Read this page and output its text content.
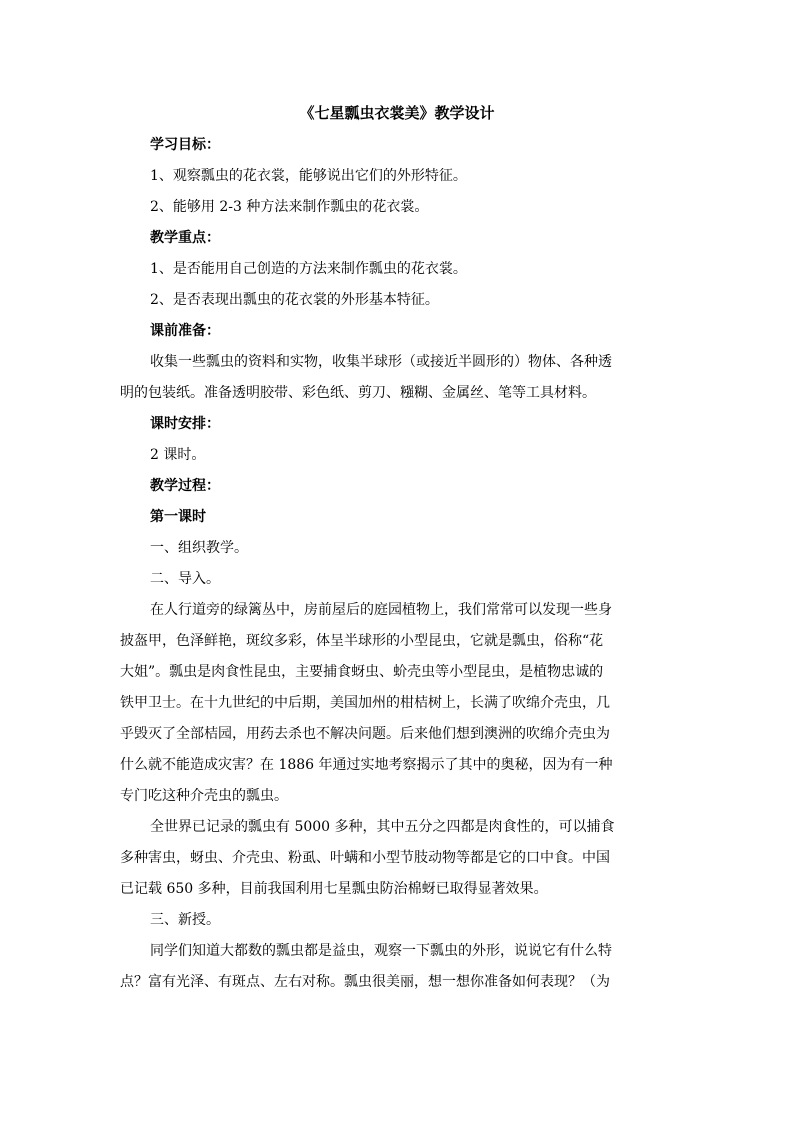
《七星瓢虫衣裳美》教学设计
学习目标：
1、观察瓢虫的花衣裳，能够说出它们的外形特征。
2、能够用 2-3 种方法来制作瓢虫的花衣裳。
教学重点：
1、是否能用自己创造的方法来制作瓢虫的花衣裳。
2、是否表现出瓢虫的花衣裳的外形基本特征。
课前准备：
收集一些瓢虫的资料和实物，收集半球形（或接近半圆形的）物体、各种透
明的包装纸。准备透明胶带、彩色纸、剪刀、糨糊、金属丝、笔等工具材料。
课时安排：
2 课时。
教学过程：
第一课时
一、组织教学。
二、导入。
在人行道旁的绿篱丛中，房前屋后的庭园植物上，我们常常可以发现一些身
披盔甲，色泽鲜艳，斑纹多彩，体呈半球形的小型昆虫，它就是瓢虫，俗称“花
大姐”。瓢虫是肉食性昆虫，主要捕食蚜虫、蚧壳虫等小型昆虫，是植物忠诚的
铁甲卫士。在十九世纪的中后期，美国加州的柑桔树上，长满了吹绵介壳虫，几
乎毁灭了全部桔园，用药去杀也不解决问题。后来他们想到澳洲的吹绵介壳虫为
什么就不能造成灾害？在 1886 年通过实地考察揭示了其中的奥秘，因为有一种
专门吃这种介壳虫的瓢虫。
全世界已记录的瓢虫有 5000 多种，其中五分之四都是肉食性的，可以捕食
多种害虫，蚜虫、介壳虫、粉虱、叶螨和小型节肢动物等都是它的口中食。中国
已记载 650 多种，目前我国利用七星瓢虫防治棉蚜已取得显著效果。
三、新授。
同学们知道大都数的瓢虫都是益虫，观察一下瓢虫的外形，说说它有什么特
点？富有光泽、有斑点、左右对称。瓢虫很美丽，想一想你准备如何表现？（为
